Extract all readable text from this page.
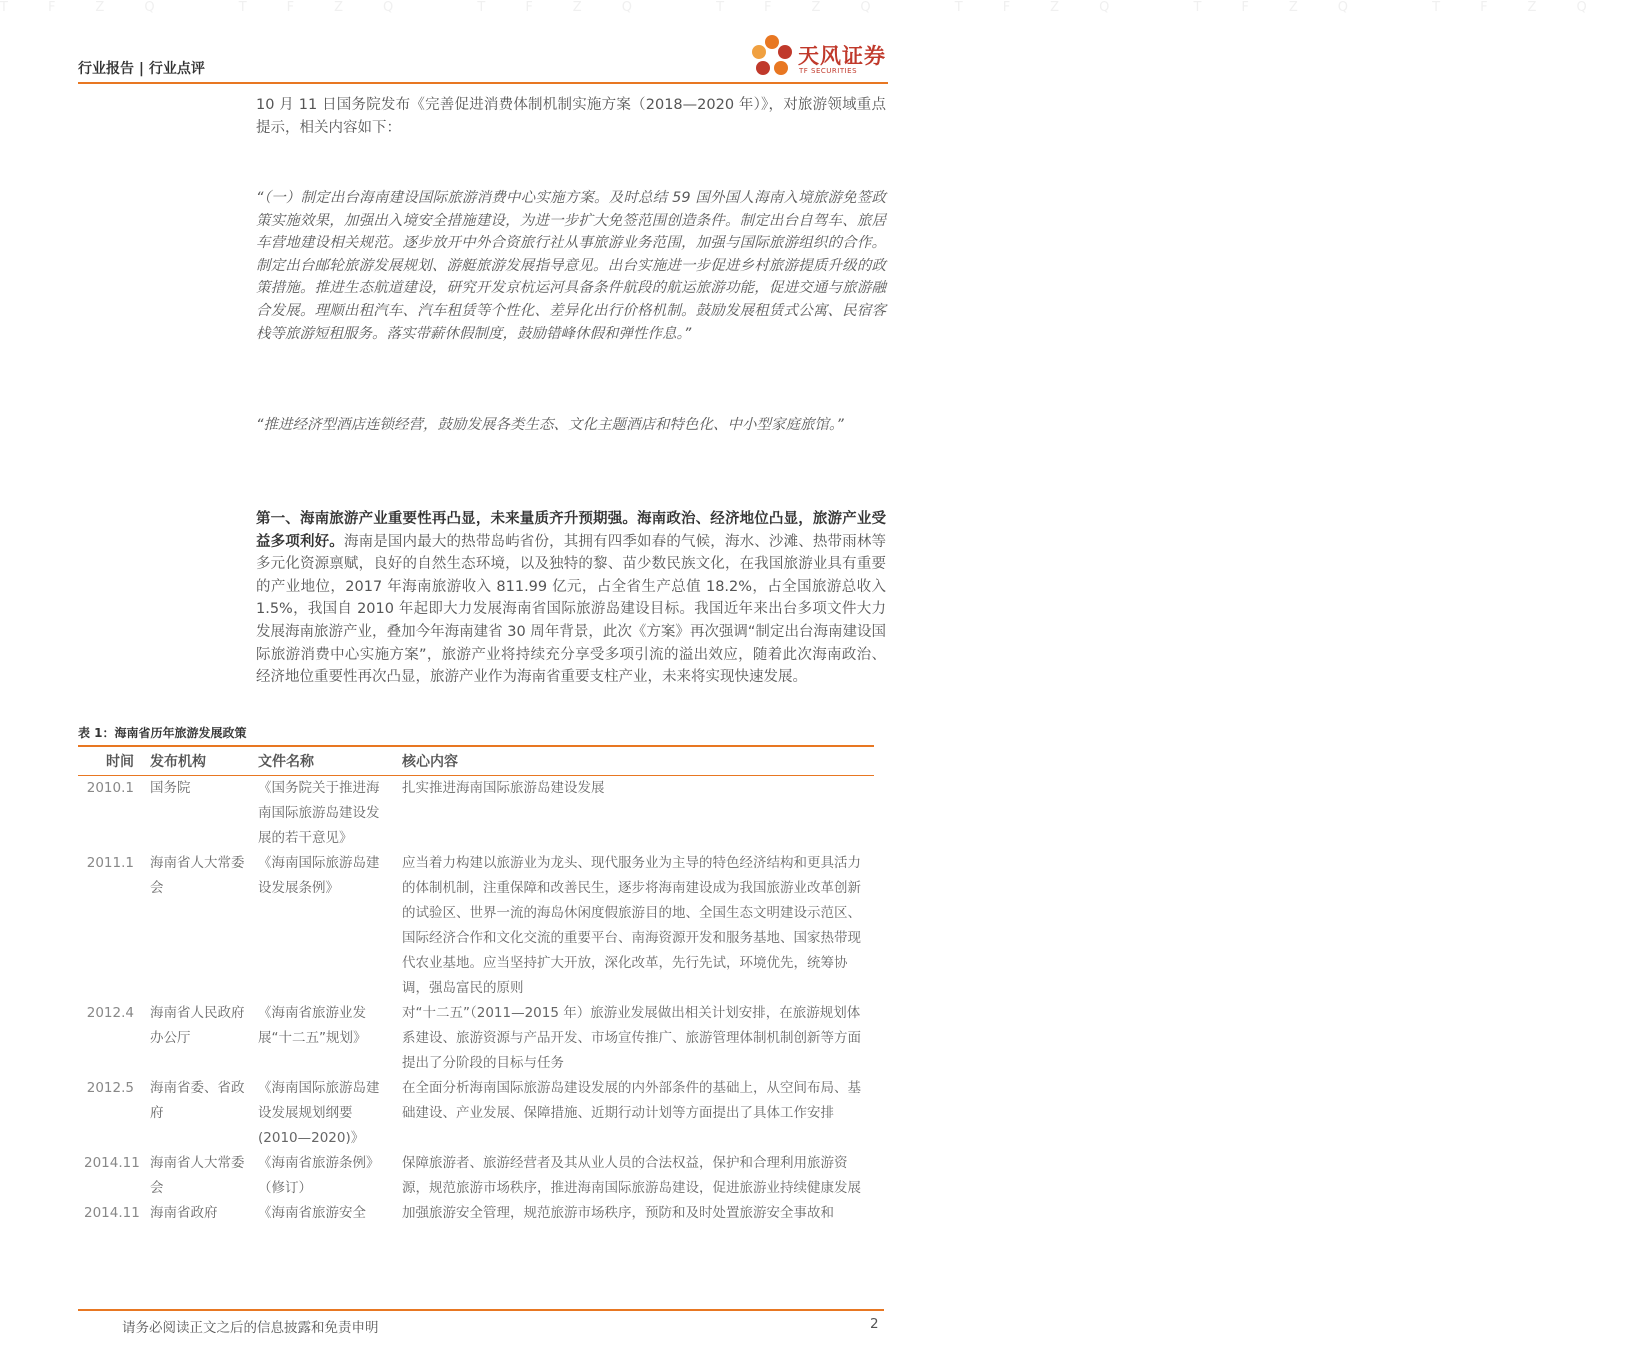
TFZQ TFZQ TFZQ TFZQ TFZQ TFZQ TFZQ
行业报告 | 行业点评
天风证券
TF SECURITIES

10 月 11 日国务院发布《完善促进消费体制机制实施方案（2018—2020 年）》，对旅游领域重点提示，相关内容如下：

“（一）制定出台海南建设国际旅游消费中心实施方案。及时总结 59 国外国人海南入境旅游免签政策实施效果，加强出入境安全措施建设，为进一步扩大免签范围创造条件。制定出台自驾车、旅居车营地建设相关规范。逐步放开中外合资旅行社从事旅游业务范围，加强与国际旅游组织的合作。制定出台邮轮旅游发展规划、游艇旅游发展指导意见。出台实施进一步促进乡村旅游提质升级的政策措施。推进生态航道建设，研究开发京杭运河具备条件航段的航运旅游功能，促进交通与旅游融合发展。理顺出租汽车、汽车租赁等个性化、差异化出行价格机制。鼓励发展租赁式公寓、民宿客栈等旅游短租服务。落实带薪休假制度，鼓励错峰休假和弹性作息。”

“推进经济型酒店连锁经营，鼓励发展各类生态、文化主题酒店和特色化、中小型家庭旅馆。”

第一、海南旅游产业重要性再凸显，未来量质齐升预期强。海南政治、经济地位凸显，旅游产业受益多项利好。海南是国内最大的热带岛屿省份，其拥有四季如春的气候，海水、沙滩、热带雨林等多元化资源禀赋，良好的自然生态环境，以及独特的黎、苗少数民族文化，在我国旅游业具有重要的产业地位，2017 年海南旅游收入 811.99 亿元，占全省生产总值 18.2%，占全国旅游总收入 1.5%，我国自 2010 年起即大力发展海南省国际旅游岛建设目标。我国近年来出台多项文件大力发展海南旅游产业，叠加今年海南建省 30 周年背景，此次《方案》再次强调“制定出台海南建设国际旅游消费中心实施方案”，旅游产业将持续充分享受多项引流的溢出效应，随着此次海南政治、经济地位重要性再次凸显，旅游产业作为海南省重要支柱产业，未来将实现快速发展。

表 1：海南省历年旅游发展政策
时间	发布机构	文件名称	核心内容
2010.1	国务院	《国务院关于推进海南国际旅游岛建设发展的若干意见》	扎实推进海南国际旅游岛建设发展
2011.1	海南省人大常委会	《海南国际旅游岛建设发展条例》	应当着力构建以旅游业为龙头、现代服务业为主导的特色经济结构和更具活力的体制机制，注重保障和改善民生，逐步将海南建设成为我国旅游业改革创新的试验区、世界一流的海岛休闲度假旅游目的地、全国生态文明建设示范区、国际经济合作和文化交流的重要平台、南海资源开发和服务基地、国家热带现代农业基地。应当坚持扩大开放，深化改革，先行先试，环境优先，统筹协调，强岛富民的原则
2012.4	海南省人民政府办公厅	《海南省旅游业发展“十二五”规划》	对“十二五”（2011—2015 年）旅游业发展做出相关计划安排，在旅游规划体系建设、旅游资源与产品开发、市场宣传推广、旅游管理体制机制创新等方面提出了分阶段的目标与任务
2012.5	海南省委、省政府	《海南国际旅游岛建设发展规划纲要(2010—2020)》	在全面分析海南国际旅游岛建设发展的内外部条件的基础上，从空间布局、基础建设、产业发展、保障措施、近期行动计划等方面提出了具体工作安排
2014.11	海南省人大常委会	《海南省旅游条例》（修订）	保障旅游者、旅游经营者及其从业人员的合法权益，保护和合理利用旅游资源，规范旅游市场秩序，推进海南国际旅游岛建设，促进旅游业持续健康发展
2014.11	海南省政府	《海南省旅游安全	加强旅游安全管理，规范旅游市场秩序，预防和及时处置旅游安全事故和
请务必阅读正文之后的信息披露和免责申明	2
